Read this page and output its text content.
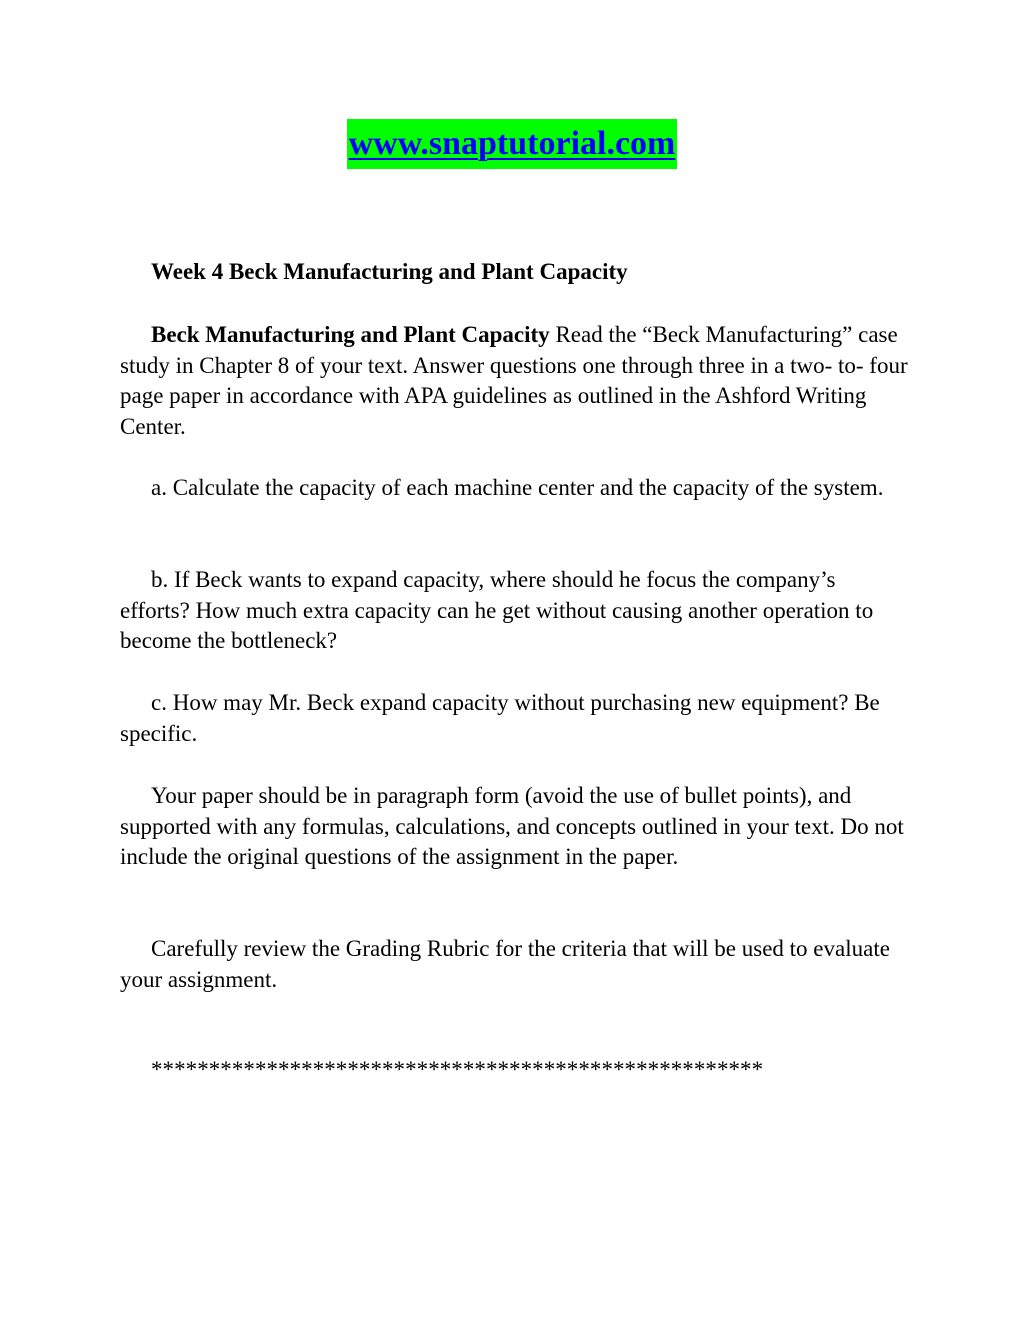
www.snaptutorial.com
Week 4 Beck Manufacturing and Plant Capacity

Beck Manufacturing and Plant Capacity Read the “Beck Manufacturing” case study in Chapter 8 of your text. Answer questions one through three in a two- to- four page paper in accordance with APA guidelines as outlined in the Ashford Writing Center.

a. Calculate the capacity of each machine center and the capacity of the system.

b. If Beck wants to expand capacity, where should he focus the company’s efforts? How much extra capacity can he get without causing another operation to become the bottleneck?

c. How may Mr. Beck expand capacity without purchasing new equipment? Be specific.

Your paper should be in paragraph form (avoid the use of bullet points), and supported with any formulas, calculations, and concepts outlined in your text. Do not include the original questions of the assignment in the paper.

Carefully review the Grading Rubric for the criteria that will be used to evaluate your assignment.

*****************************************************
